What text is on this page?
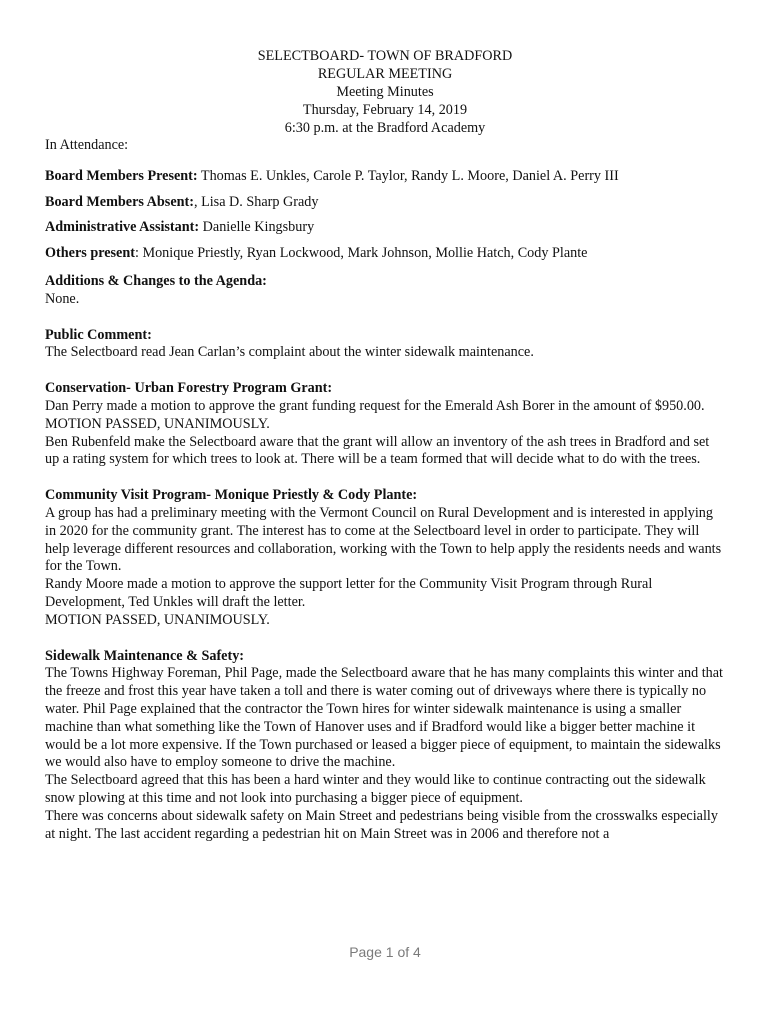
SELECTBOARD- TOWN OF BRADFORD
REGULAR MEETING
Meeting Minutes
Thursday, February 14, 2019
6:30 p.m. at the Bradford Academy
In Attendance:

Board Members Present: Thomas E. Unkles, Carole P. Taylor, Randy L. Moore, Daniel A. Perry III

Board Members Absent:, Lisa D. Sharp Grady

Administrative Assistant: Danielle Kingsbury

Others present: Monique Priestly, Ryan Lockwood, Mark Johnson, Mollie Hatch, Cody Plante

Additions & Changes to the Agenda:

None.

Public Comment:

The Selectboard read Jean Carlan’s complaint about the winter sidewalk maintenance.

Conservation- Urban Forestry Program Grant:

Dan Perry made a motion to approve the grant funding request for the Emerald Ash Borer in the amount of $950.00.

MOTION PASSED, UNANIMOUSLY.

Ben Rubenfeld make the Selectboard aware that the grant will allow an inventory of the ash trees in Bradford and set up a rating system for which trees to look at. There will be a team formed that will decide what to do with the trees.

Community Visit Program- Monique Priestly & Cody Plante:

A group has had a preliminary meeting with the Vermont Council on Rural Development and is interested in applying in 2020 for the community grant. The interest has to come at the Selectboard level in order to participate. They will help leverage different resources and collaboration, working with the Town to help apply the residents needs and wants for the Town.

Randy Moore made a motion to approve the support letter for the Community Visit Program through Rural Development, Ted Unkles will draft the letter.

MOTION PASSED, UNANIMOUSLY.

Sidewalk Maintenance & Safety:

The Towns Highway Foreman, Phil Page, made the Selectboard aware that he has many complaints this winter and that the freeze and frost this year have taken a toll and there is water coming out of driveways where there is typically no water. Phil Page explained that the contractor the Town hires for winter sidewalk maintenance is using a smaller machine than what something like the Town of Hanover uses and if Bradford would like a bigger better machine it would be a lot more expensive. If the Town purchased or leased a bigger piece of equipment, to maintain the sidewalks we would also have to employ someone to drive the machine.

The Selectboard agreed that this has been a hard winter and they would like to continue contracting out the sidewalk snow plowing at this time and not look into purchasing a bigger piece of equipment.

There was concerns about sidewalk safety on Main Street and pedestrians being visible from the crosswalks especially at night. The last accident regarding a pedestrian hit on Main Street was in 2006 and therefore not a

Page 1 of 4
